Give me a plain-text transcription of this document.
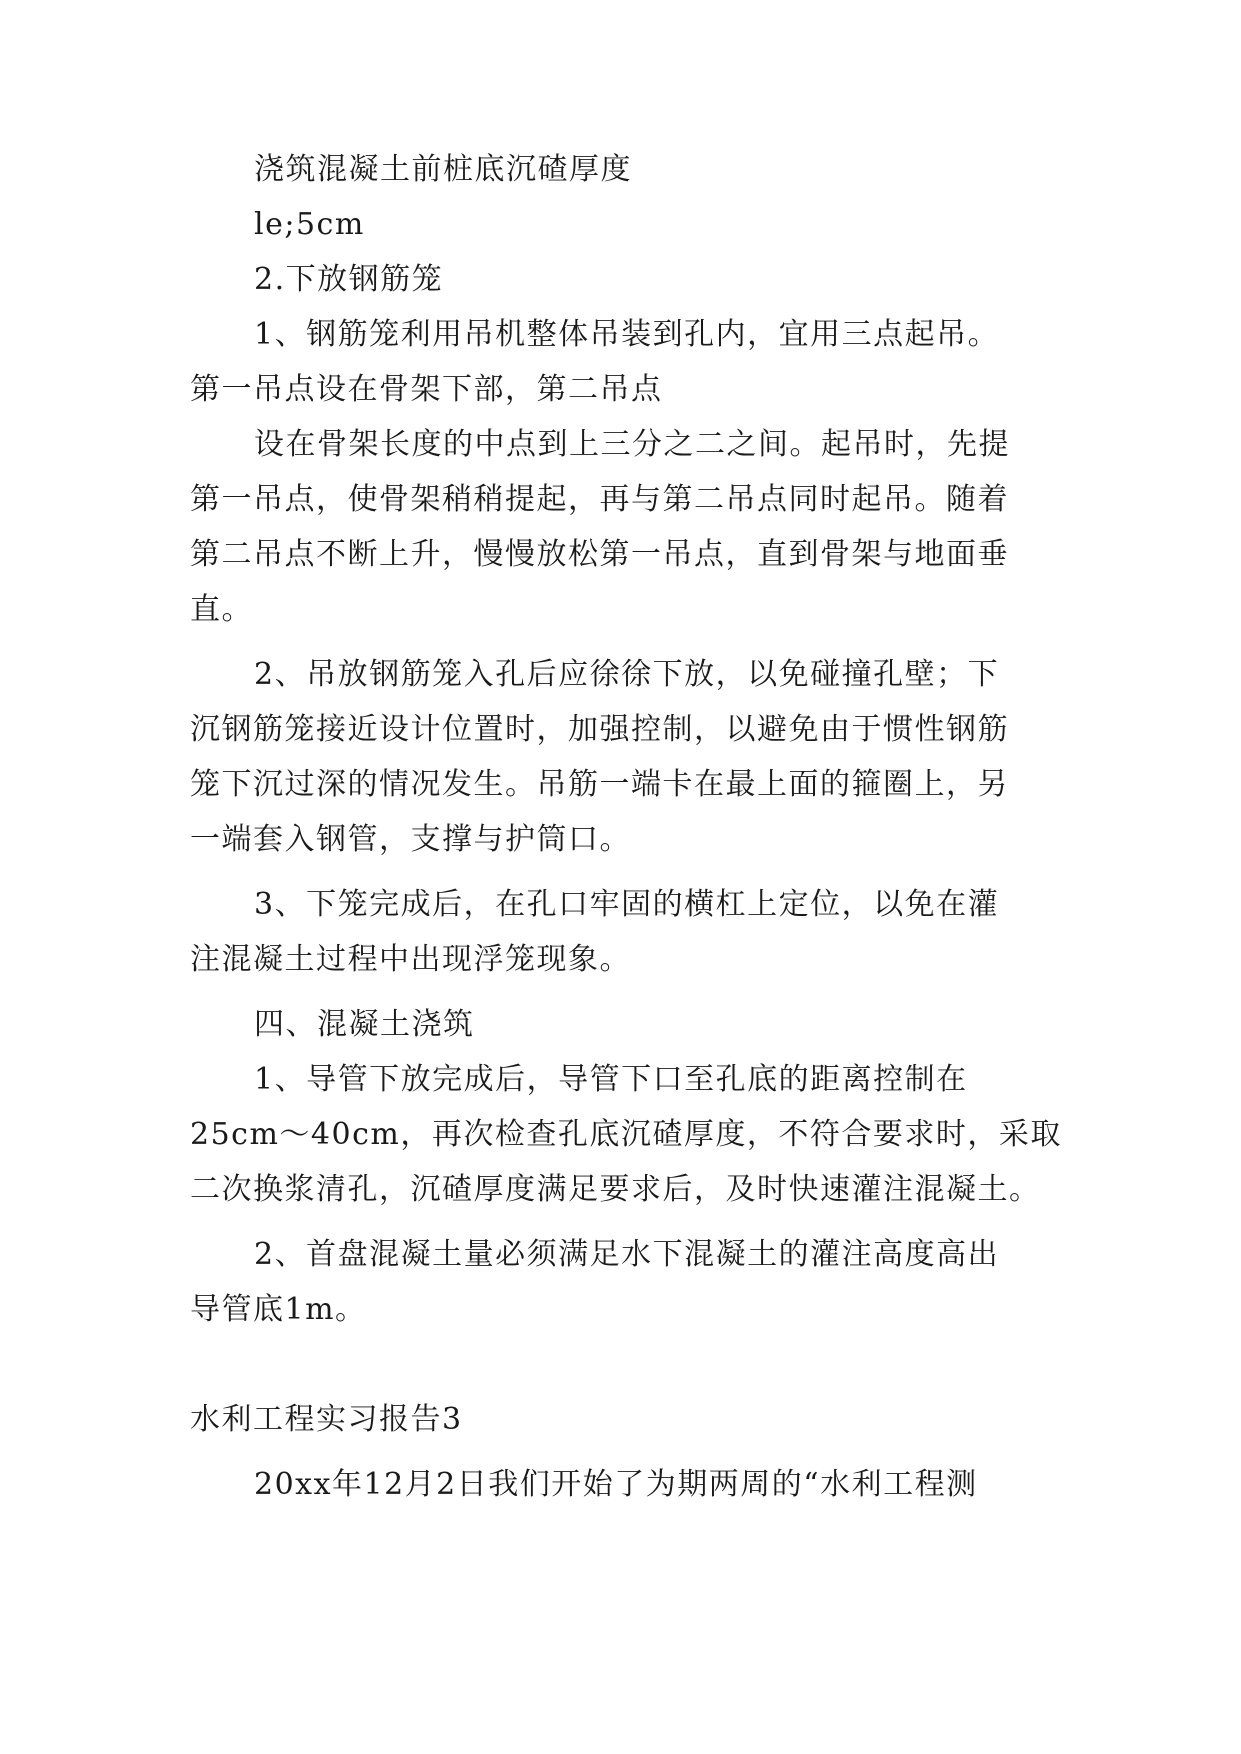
浇筑混凝土前桩底沉碴厚度
le;5cm
2.下放钢筋笼
1、钢筋笼利用吊机整体吊装到孔内，宜用三点起吊。
第一吊点设在骨架下部，第二吊点
设在骨架长度的中点到上三分之二之间。起吊时，先提
第一吊点，使骨架稍稍提起，再与第二吊点同时起吊。随着
第二吊点不断上升，慢慢放松第一吊点，直到骨架与地面垂
直。
2、吊放钢筋笼入孔后应徐徐下放，以免碰撞孔壁；下
沉钢筋笼接近设计位置时，加强控制，以避免由于惯性钢筋
笼下沉过深的情况发生。吊筋一端卡在最上面的箍圈上，另
一端套入钢管，支撑与护筒口。
3、下笼完成后，在孔口牢固的横杠上定位，以免在灌
注混凝土过程中出现浮笼现象。
四、混凝土浇筑
1、导管下放完成后，导管下口至孔底的距离控制在
25cm～40cm，再次检查孔底沉碴厚度，不符合要求时，采取
二次换浆清孔，沉碴厚度满足要求后，及时快速灌注混凝土。
2、首盘混凝土量必须满足水下混凝土的灌注高度高出
导管底1m。
水利工程实习报告3
20xx年12月2日我们开始了为期两周的“水利工程测
